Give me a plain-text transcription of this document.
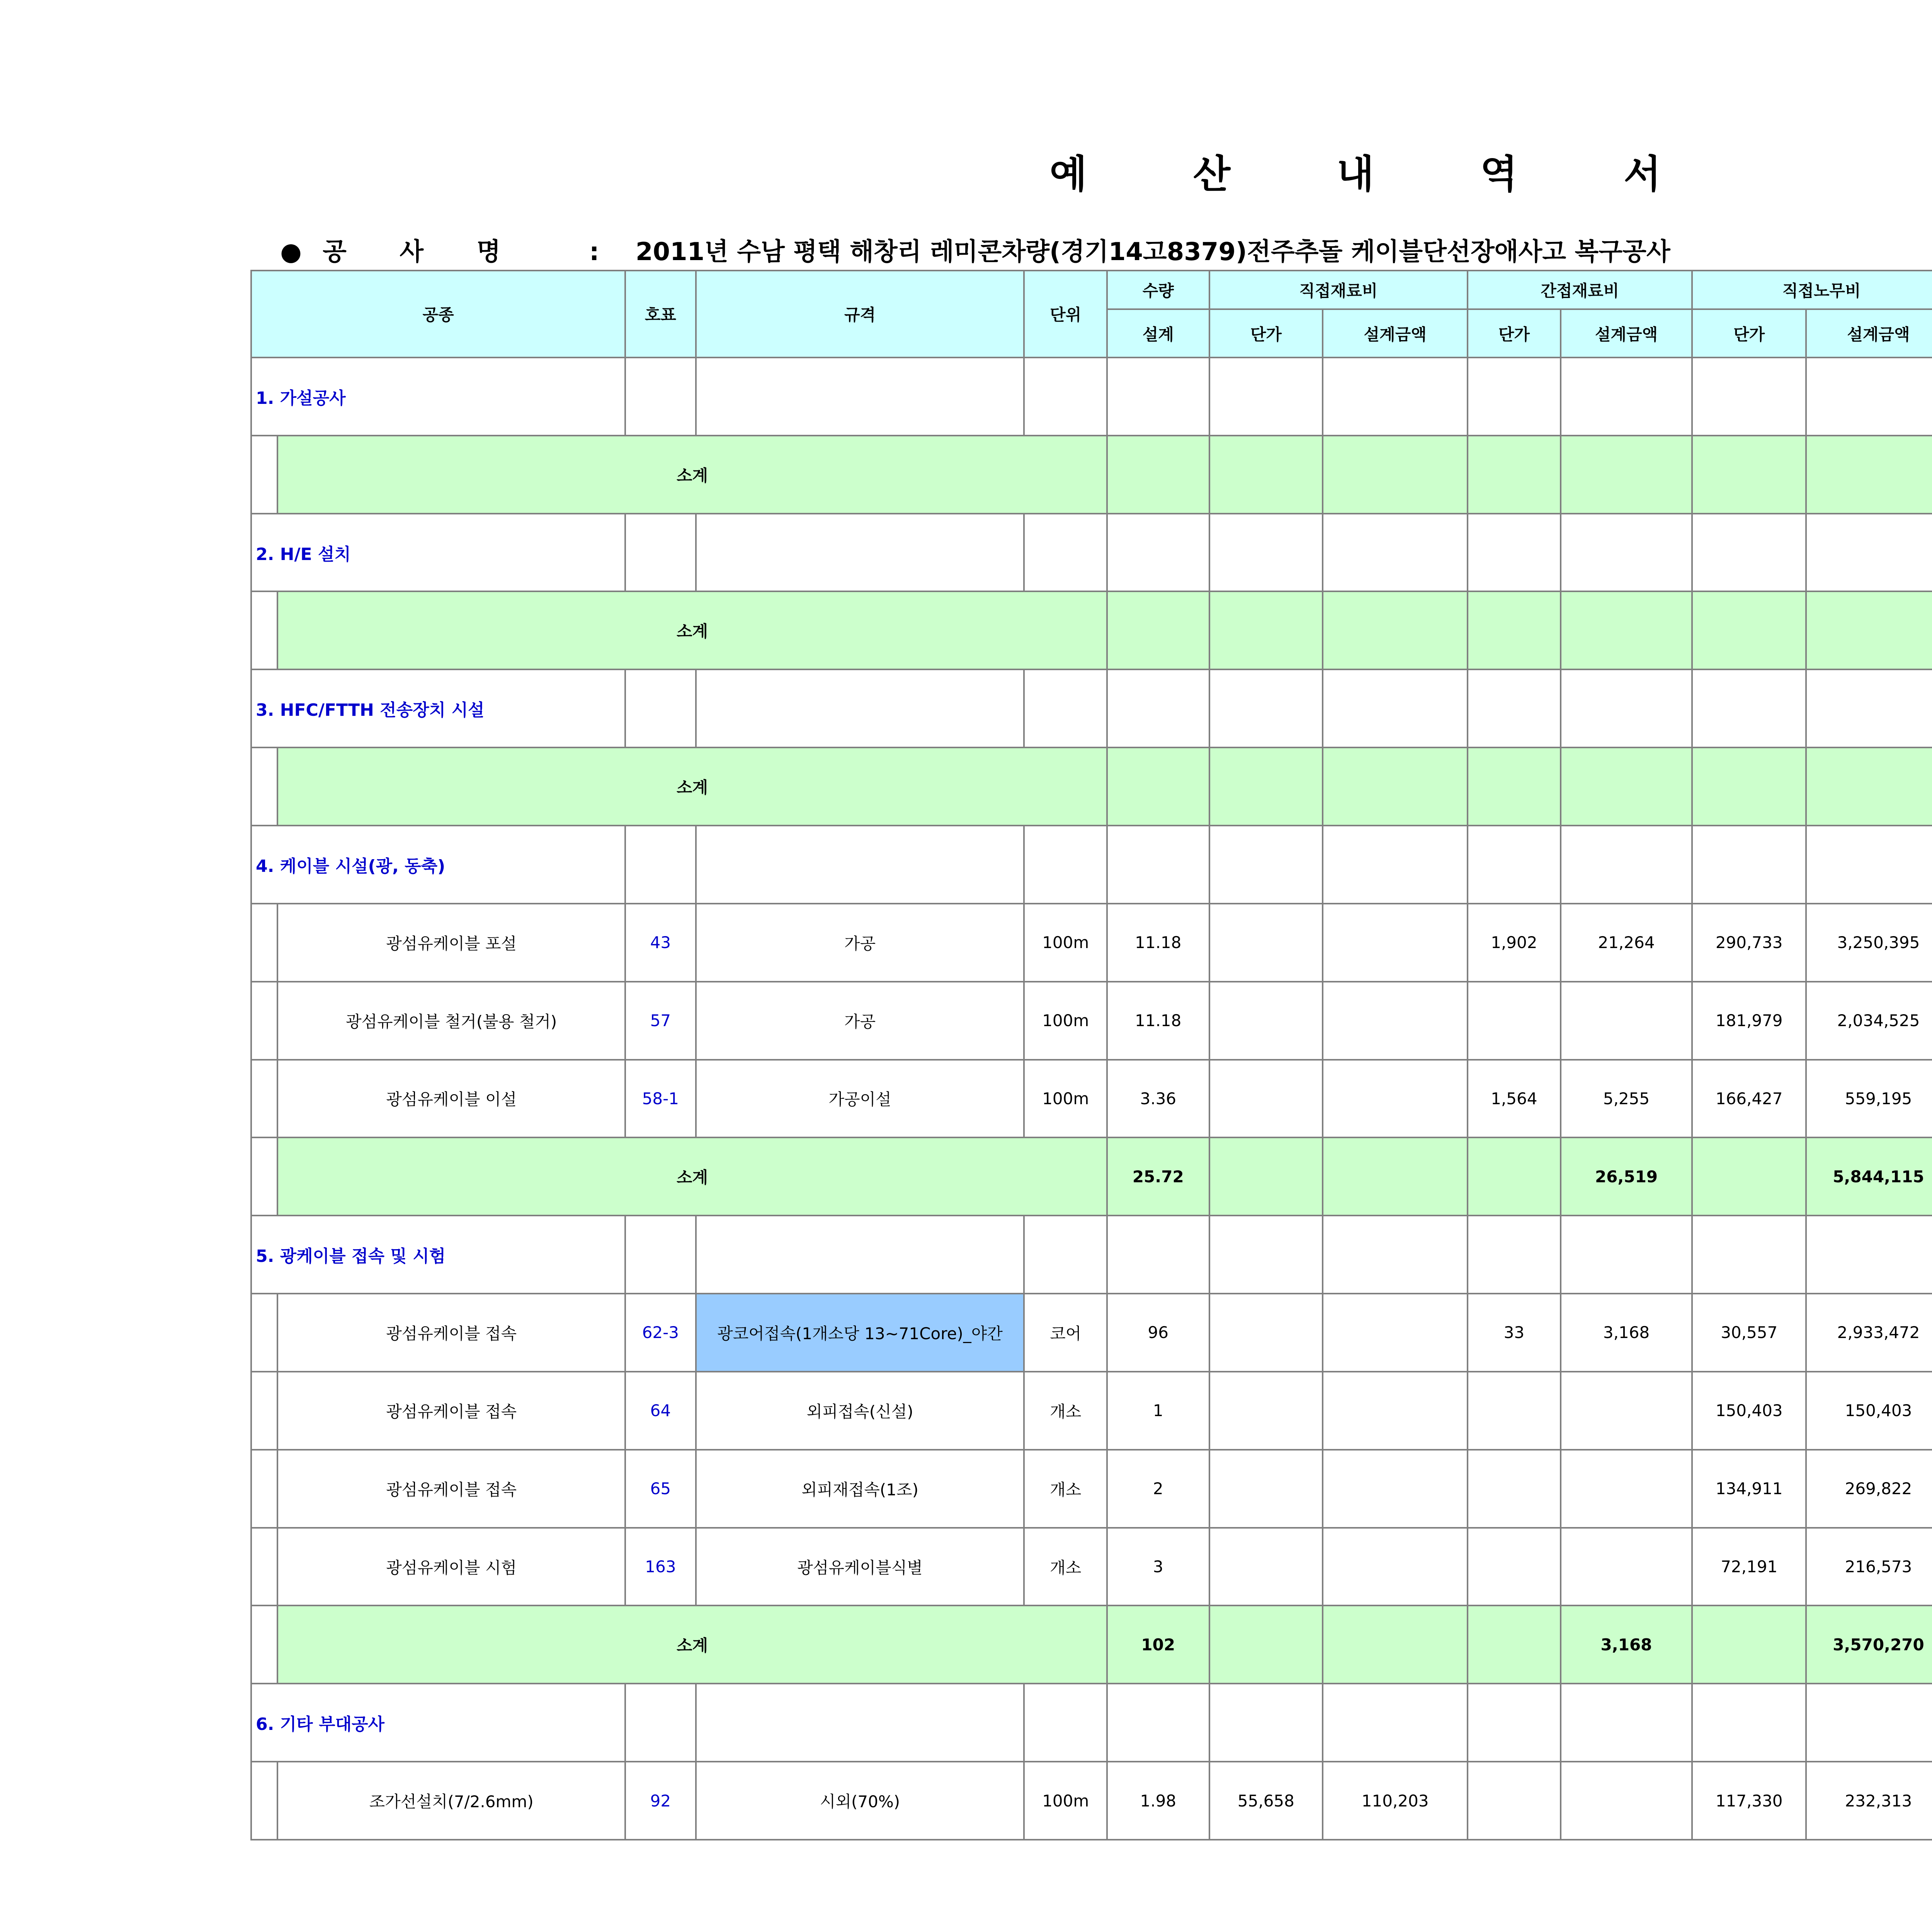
예 산 내 역 서
● 공 사 명	: 2011년 수남 평택 해창리 레미콘차량(경기14고8379)전주추돌 케이블단선장애사고 복구공사
공종		호표	규격	단위	수량	직접재료비		간접재료비		직접노무비			
					설계	단가	설계금액	단가	설계금액	단가	설계금액			
1. 가설공사															
	소계														
2. H/E 설치															
	소계														
3. HFC/FTTH 전송장치 시설															
	소계														
4. 케이블 시설(광, 동축)															
	광섬유케이블 포설	43	가공	100m	11.18			1,902	21,264	290,733	3,250,395				
	광섬유케이블 철거(불용 철거)	57	가공	100m	11.18					181,979	2,034,525				
	광섬유케이블 이설	58-1	가공이설	100m	3.36			1,564	5,255	166,427	559,195				
	소계				25.72				26,519		5,844,115				
5. 광케이블 접속 및 시험															
	광섬유케이블 접속	62-3	광코어접속(1개소당 13~71Core)_야간	코어	96			33	3,168	30,557	2,933,472				
	광섬유케이블 접속	64	외피접속(신설)	개소	1					150,403	150,403				
	광섬유케이블 접속	65	외피재접속(1조)	개소	2					134,911	269,822				
	광섬유케이블 시험	163	광섬유케이블식별	개소	3					72,191	216,573				
	소계				102				3,168		3,570,270				
6. 기타 부대공사															
	조가선설치(7/2.6mm)	92	시외(70%)	100m	1.98	55,658	110,203			117,330	232,313				
